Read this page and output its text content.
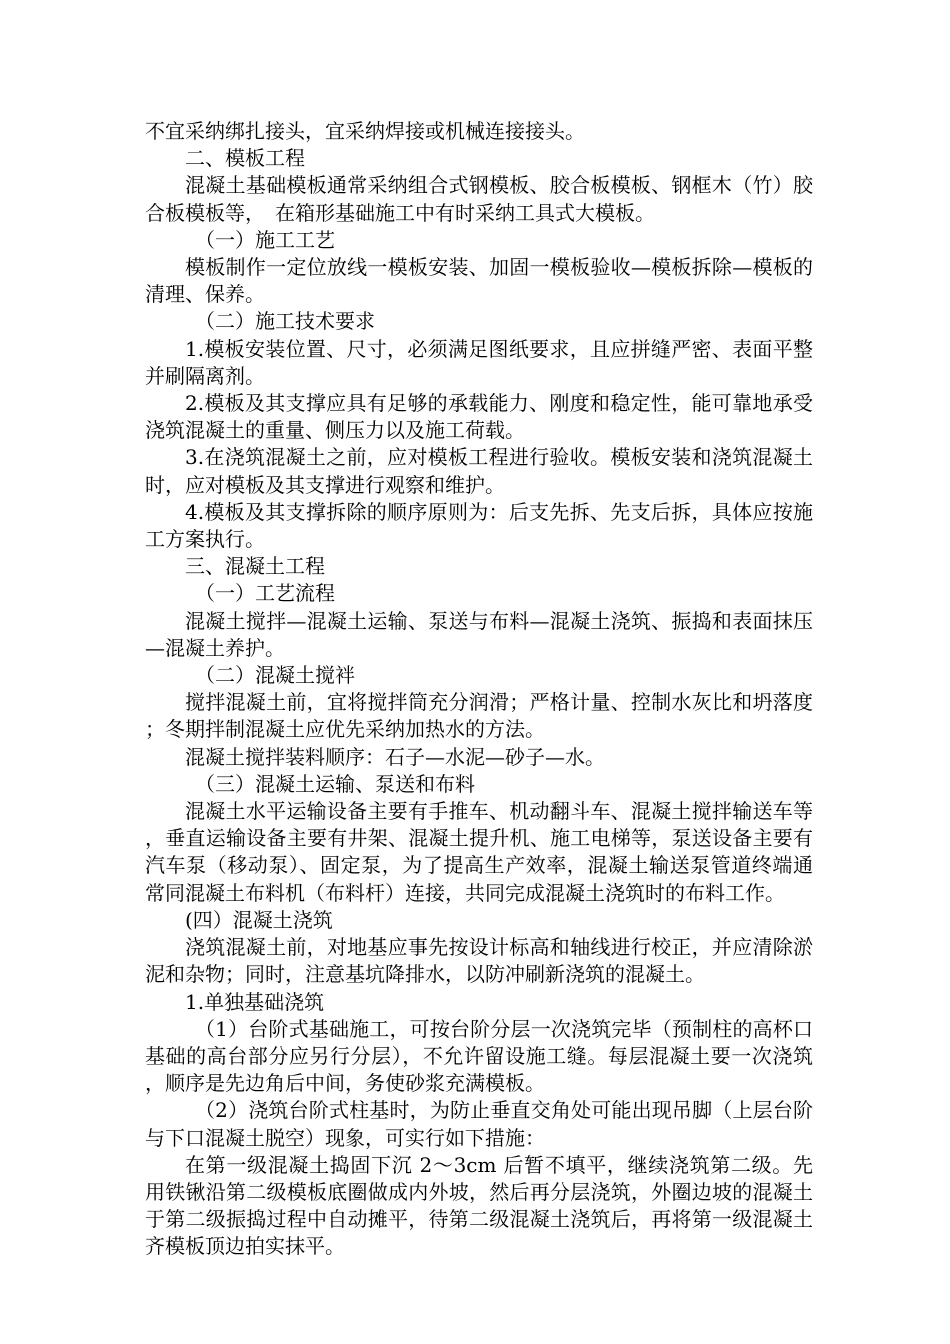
不宜采纳绑扎接头，宜采纳焊接或机械连接接头。

二、模板工程

混凝土基础模板通常采纳组合式钢模板、胶合板模板、钢框木（竹）胶合板模板等，　在箱形基础施工中有时采纳工具式大模板。

（一）施工工艺

模板制作一定位放线一模板安装、加固一模板验收—模板拆除—模板的清理、保养。

（二）施工技术要求

1.模板安装位置、尺寸，必须满足图纸要求，且应拼缝严密、表面平整并刷隔离剂。

2.模板及其支撑应具有足够的承载能力、刚度和稳定性，能可靠地承受浇筑混凝土的重量、侧压力以及施工荷载。

3.在浇筑混凝土之前，应对模板工程进行验收。模板安装和浇筑混凝土时，应对模板及其支撑进行观察和维护。

4.模板及其支撑拆除的顺序原则为：后支先拆、先支后拆，具体应按施工方案执行。

三、混凝土工程

（一）工艺流程

混凝土搅拌—混凝土运输、泵送与布料—混凝土浇筑、振捣和表面抹压—混凝土养护。

（二）混凝土搅袢

搅拌混凝土前，宜将搅拌筒充分润滑；严格计量、控制水灰比和坍落度；冬期拌制混凝土应优先采纳加热水的方法。

混凝土搅拌装料顺序：石子—水泥—砂子—水。

（三）混凝土运输、泵送和布料

混凝土水平运输设备主要有手推车、机动翻斗车、混凝土搅拌输送车等，垂直运输设备主要有井架、混凝土提升机、施工电梯等，泵送设备主要有汽车泵（移动泵）、固定泵，为了提高生产效率，混凝土输送泵管道终端通常同混凝土布料机（布料杆）连接，共同完成混凝土浇筑时的布料工作。

(四）混凝土浇筑

浇筑混凝土前，对地基应事先按设计标高和轴线进行校正，并应清除淤泥和杂物；同时，注意基坑降排水，以防冲刷新浇筑的混凝土。

1.单独基础浇筑

（1）台阶式基础施工，可按台阶分层一次浇筑完毕（预制柱的高杯口基础的高台部分应另行分层），不允许留设施工缝。每层混凝土要一次浇筑，顺序是先边角后中间，务使砂浆充满模板。

（2）浇筑台阶式柱基时，为防止垂直交角处可能出现吊脚（上层台阶与下口混凝土脱空）现象，可实行如下措施：

在第一级混凝土捣固下沉 2～3cm 后暂不填平，继续浇筑第二级。先用铁锹沿第二级模板底圈做成内外坡，然后再分层浇筑，外圈边坡的混凝土于第二级振捣过程中自动摊平，待第二级混凝土浇筑后，再将第一级混凝土齐模板顶边拍实抹平。
